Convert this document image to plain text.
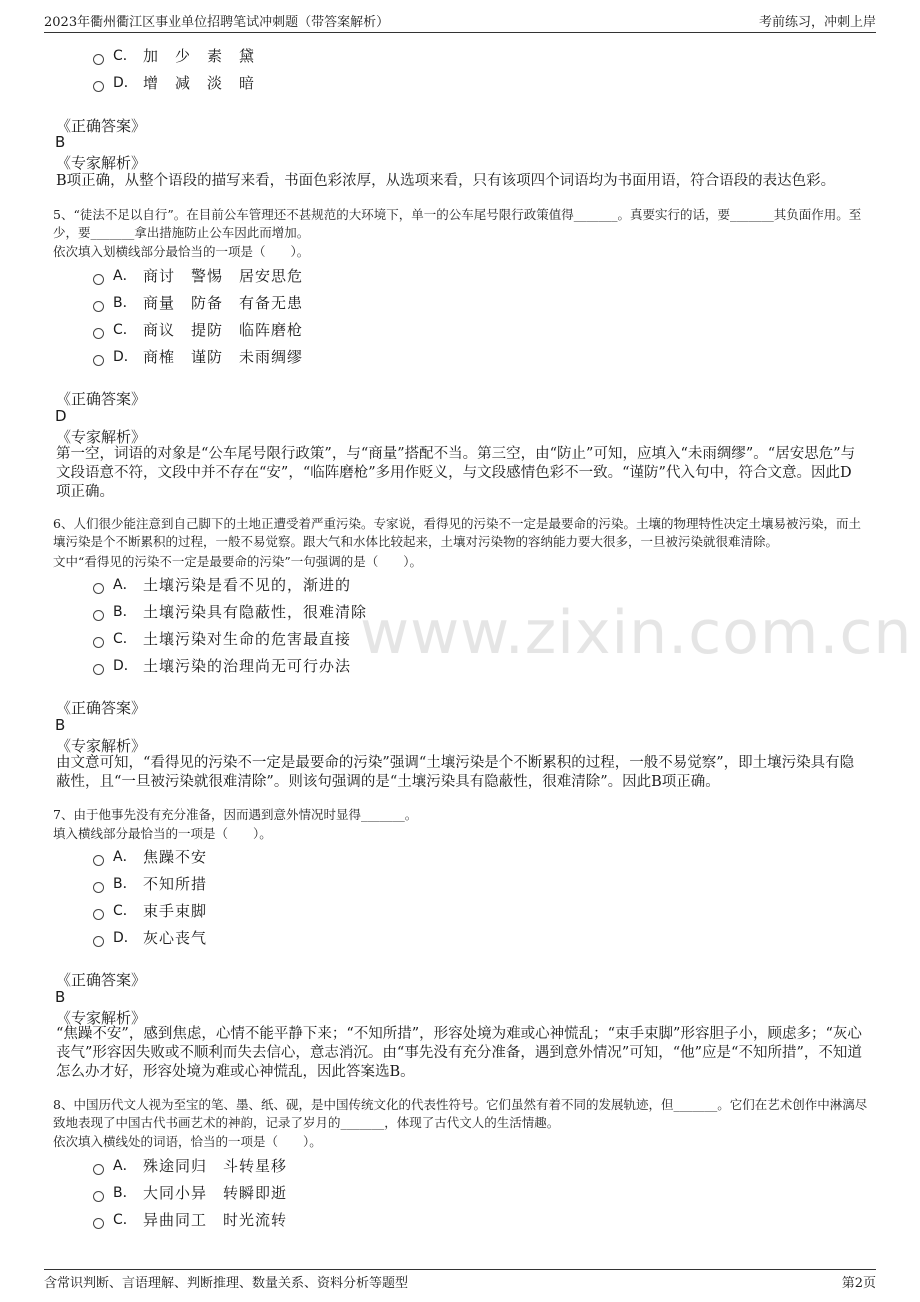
2023年衢州衢江区事业单位招聘笔试冲刺题（带答案解析）	考前练习，冲刺上岸
www.zixin.com.cn
C． 加　少　素　黛
D． 增　减　淡　暗
《正确答案》
B
《专家解析》
B项正确，从整个语段的描写来看，书面色彩浓厚，从选项来看，只有该项四个词语均为书面用语，符合语段的表达色彩。
5、“徒法不足以自行”。在目前公车管理还不甚规范的大环境下，单一的公车尾号限行政策值得_______。真要实行的话，要_______其负面作用。至少，要_______拿出措施防止公车因此而增加。
依次填入划横线部分最恰当的一项是（　　）。
A． 商讨　警惕　居安思危
B． 商量　防备　有备无患
C． 商议　提防　临阵磨枪
D． 商榷　谨防　未雨绸缪
《正确答案》
D
《专家解析》
第一空，词语的对象是“公车尾号限行政策”，与“商量”搭配不当。第三空，由“防止”可知，应填入“未雨绸缪”。“居安思危”与文段语意不符，文段中并不存在“安”，“临阵磨枪”多用作贬义，与文段感情色彩不一致。“谨防”代入句中，符合文意。因此D项正确。
6、人们很少能注意到自己脚下的土地正遭受着严重污染。专家说，看得见的污染不一定是最要命的污染。土壤的物理特性决定土壤易被污染，而土壤污染是个不断累积的过程，一般不易觉察。跟大气和水体比较起来，土壤对污染物的容纳能力要大很多，一旦被污染就很难清除。
文中“看得见的污染不一定是最要命的污染”一句强调的是（　　）。
A． 土壤污染是看不见的，渐进的
B． 土壤污染具有隐蔽性，很难清除
C． 土壤污染对生命的危害最直接
D． 土壤污染的治理尚无可行办法
《正确答案》
B
《专家解析》
由文意可知，“看得见的污染不一定是最要命的污染”强调“土壤污染是个不断累积的过程，一般不易觉察”，即土壤污染具有隐蔽性，且“一旦被污染就很难清除”。则该句强调的是“土壤污染具有隐蔽性，很难清除”。因此B项正确。
7、由于他事先没有充分准备，因而遇到意外情况时显得_______。
填入横线部分最恰当的一项是（　　）。
A． 焦躁不安
B． 不知所措
C． 束手束脚
D． 灰心丧气
《正确答案》
B
《专家解析》
“焦躁不安”，感到焦虑，心情不能平静下来；“不知所措”，形容处境为难或心神慌乱；“束手束脚”形容胆子小，顾虑多；“灰心丧气”形容因失败或不顺利而失去信心，意志消沉。由“事先没有充分准备，遇到意外情况”可知，“他”应是“不知所措”，不知道怎么办才好，形容处境为难或心神慌乱，因此答案选B。
8、中国历代文人视为至宝的笔、墨、纸、砚，是中国传统文化的代表性符号。它们虽然有着不同的发展轨迹，但_______。它们在艺术创作中淋漓尽致地表现了中国古代书画艺术的神韵，记录了岁月的_______，体现了古代文人的生活情趣。
依次填入横线处的词语，恰当的一项是（　　）。
A． 殊途同归　斗转星移
B． 大同小异　转瞬即逝
C． 异曲同工　时光流转
含常识判断、言语理解、判断推理、数量关系、资料分析等题型	第2页
